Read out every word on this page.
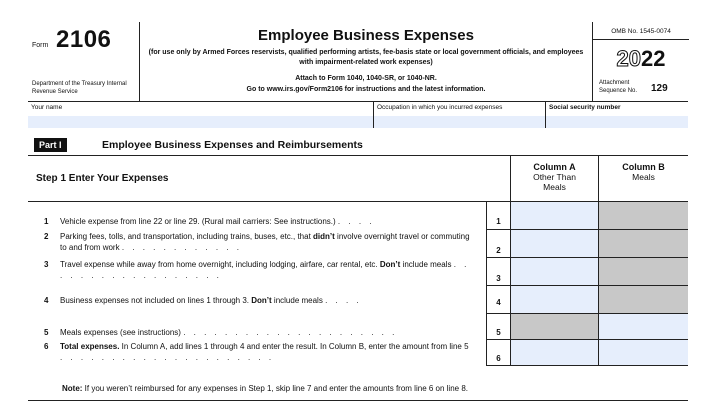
Form 2106
Department of the Treasury Internal Revenue Service
Employee Business Expenses
(for use only by Armed Forces reservists, qualified performing artists, fee-basis state or local government officials, and employees with impairment-related work expenses)
Attach to Form 1040, 1040-SR, or 1040-NR.
Go to www.irs.gov/Form2106 for instructions and the latest information.
OMB No. 1545-0074
2022
Attachment Sequence No.	129
Your name	Occupation in which you incurred expenses	Social security number
Part I	Employee Business Expenses and Reimbursements
Step 1 Enter Your Expenses
Column A
Other Than Meals
Column B
Meals
1 Vehicle expense from line 22 or line 29. (Rural mail carriers: See instructions.) . . . .	1
2 Parking fees, tolls, and transportation, including trains, buses, etc., that didn’t involve overnight travel or commuting to and from work . . . . . . . . . . . .	2
3 Travel expense while away from home overnight, including lodging, airfare, car rental, etc. Don’t include meals . . . . . . . . . . . . . . . . . .	3
4 Business expenses not included on lines 1 through 3. Don’t include meals . . . .	4
5 Meals expenses (see instructions) . . . . . . . . . . . . . . . . . . . . .	5
6 Total expenses. In Column A, add lines 1 through 4 and enter the result. In Column B, enter the amount from line 5 . . . . . . . . . . . . . . . . . . . . .	6
Note: If you weren’t reimbursed for any expenses in Step 1, skip line 7 and enter the amounts from line 6 on line 8.
